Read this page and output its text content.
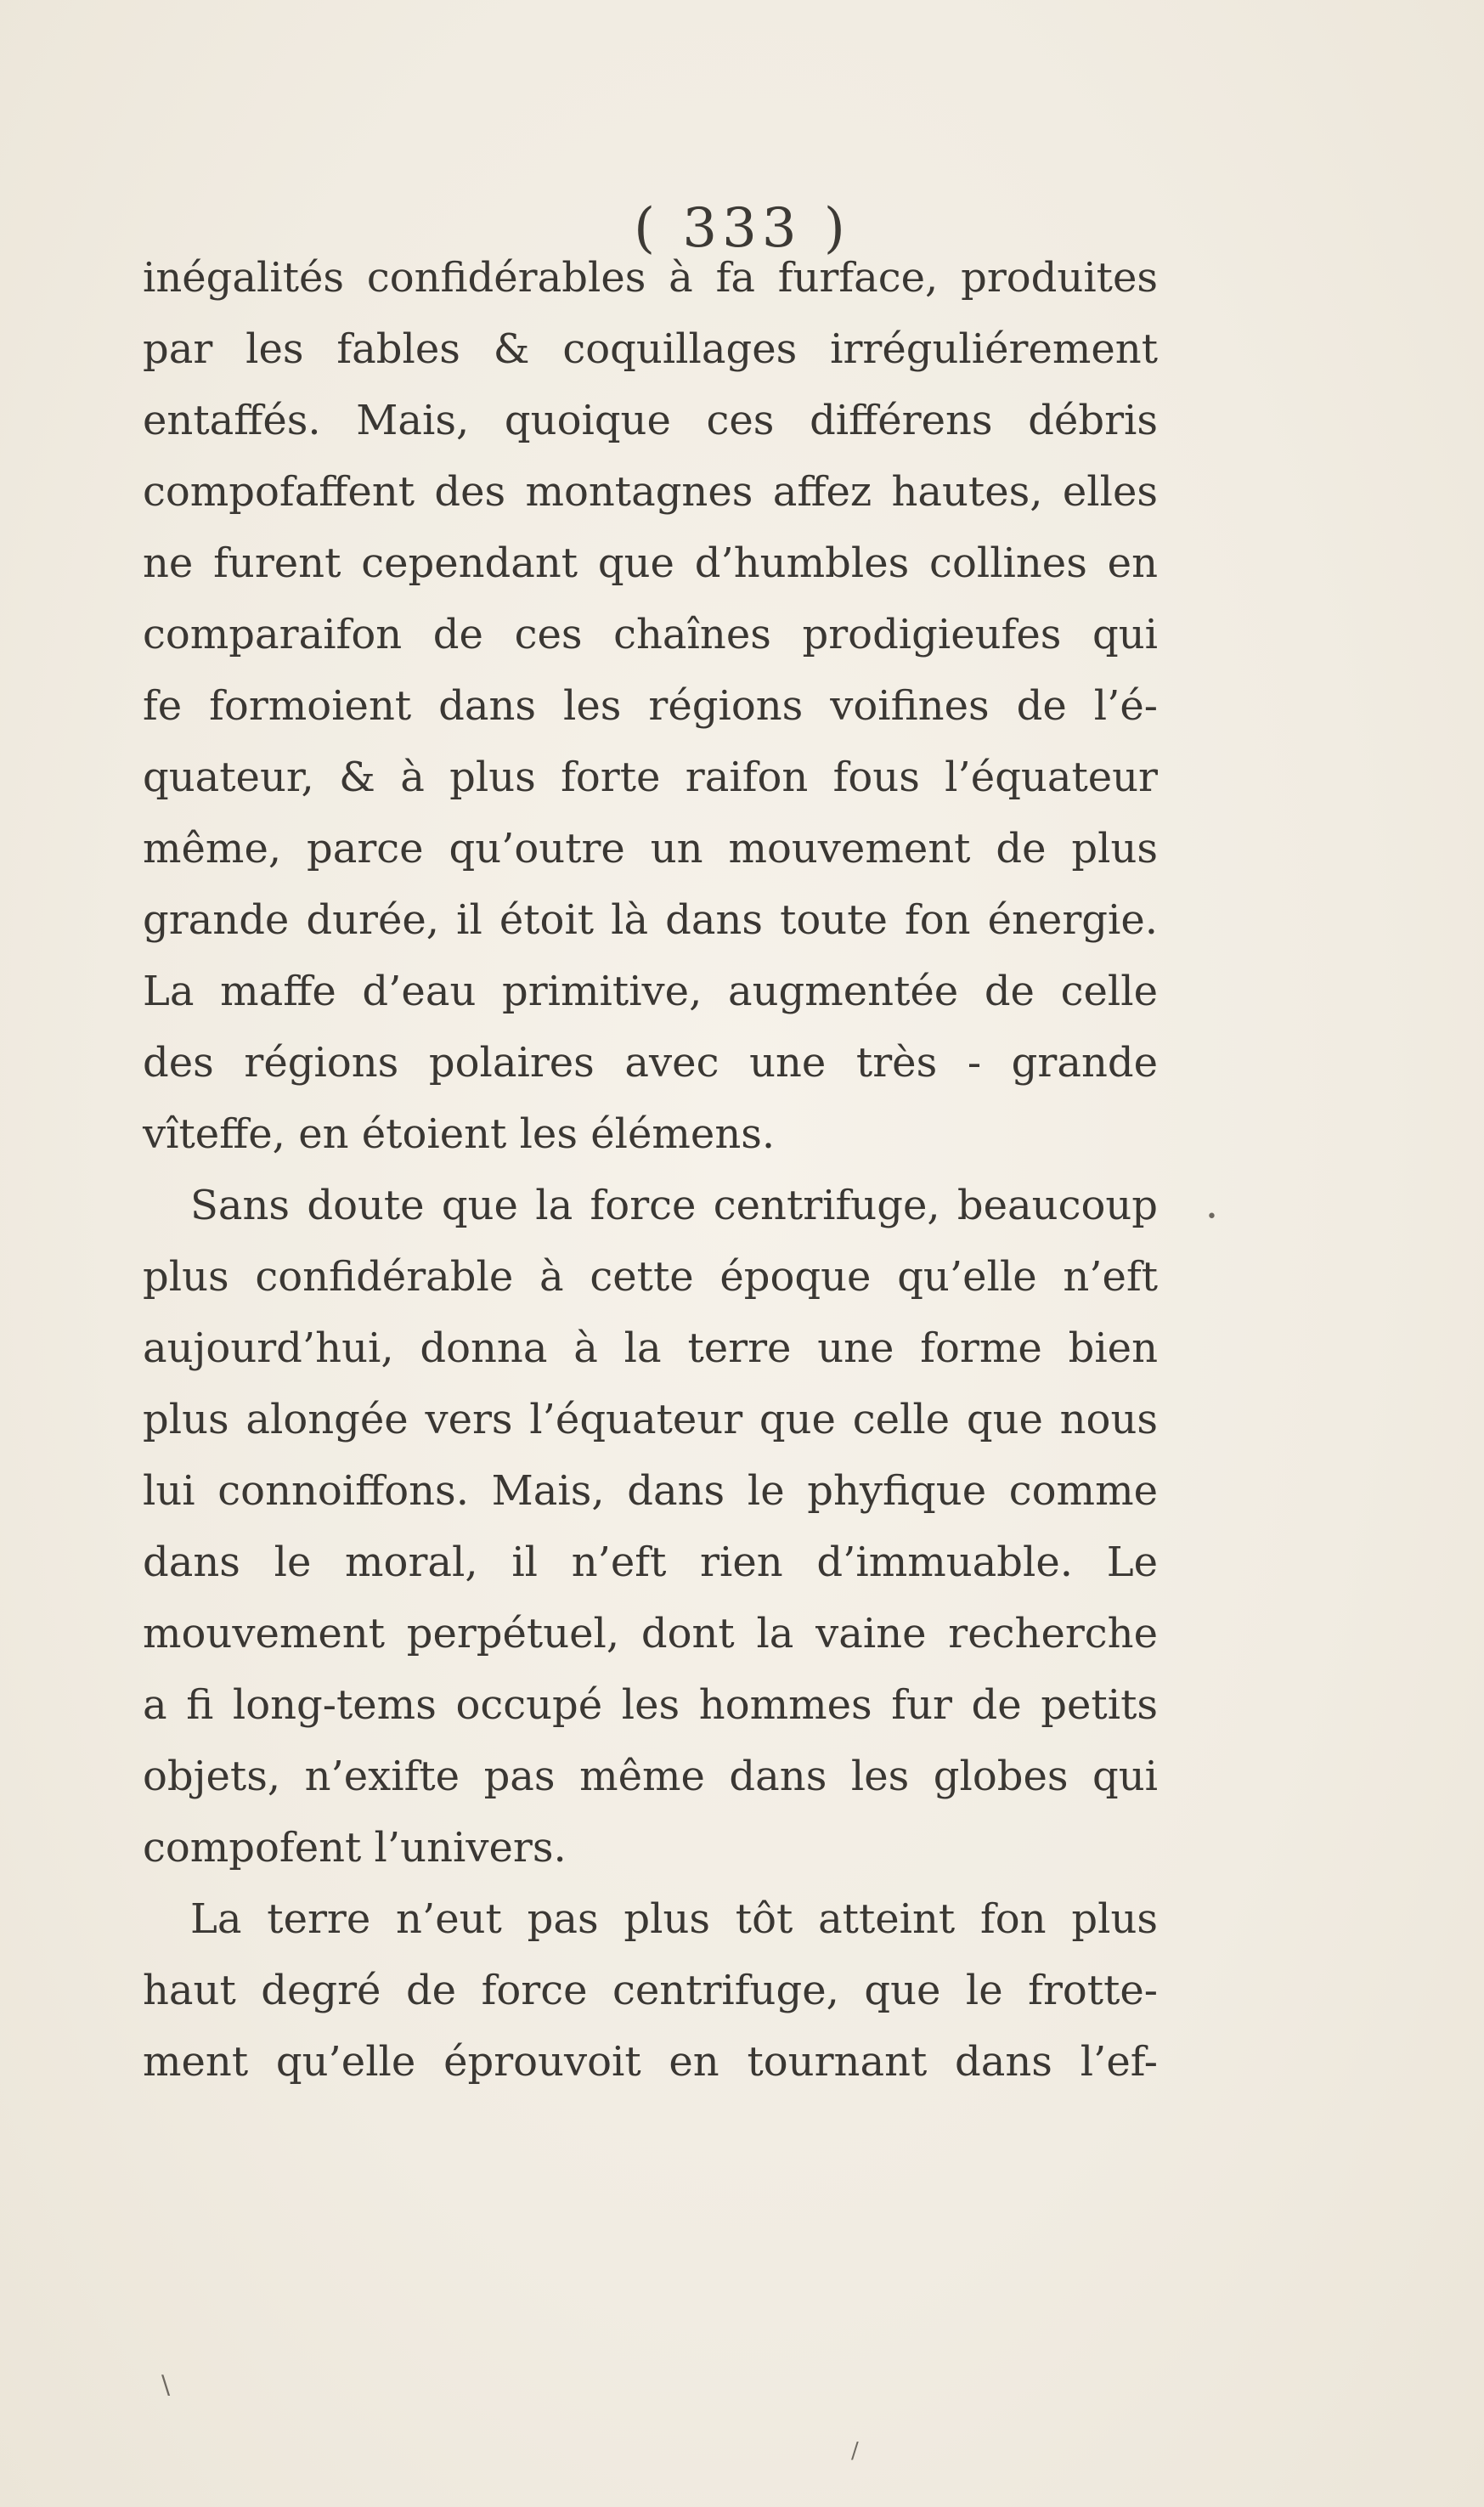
( 333 )
inégalités confidérables à fa furface, produites
par les fables & coquillages irréguliérement
entaffés. Mais, quoique ces différens débris
compofaffent des montagnes affez hautes, elles
ne furent cependant que d’humbles collines en
comparaifon de ces chaînes prodigieufes qui
fe formoient dans les régions voifines de l’é-
quateur, & à plus forte raifon fous l’équateur
même, parce qu’outre un mouvement de plus
grande durée, il étoit là dans toute fon énergie.
La maffe d’eau primitive, augmentée de celle
des régions polaires avec une très - grande
vîteffe, en étoient les élémens.
Sans doute que la force centrifuge, beaucoup
plus confidérable à cette époque qu’elle n’eft
aujourd’hui, donna à la terre une forme bien
plus alongée vers l’équateur que celle que nous
lui connoiffons. Mais, dans le phyfique comme
dans le moral, il n’eft rien d’immuable. Le
mouvement perpétuel, dont la vaine recherche
a fi long-tems occupé les hommes fur de petits
objets, n’exifte pas même dans les globes qui
compofent l’univers.
La terre n’eut pas plus tôt atteint fon plus
haut degré de force centrifuge, que le frotte-
ment qu’elle éprouvoit en tournant dans l’ef-
\
/
•
